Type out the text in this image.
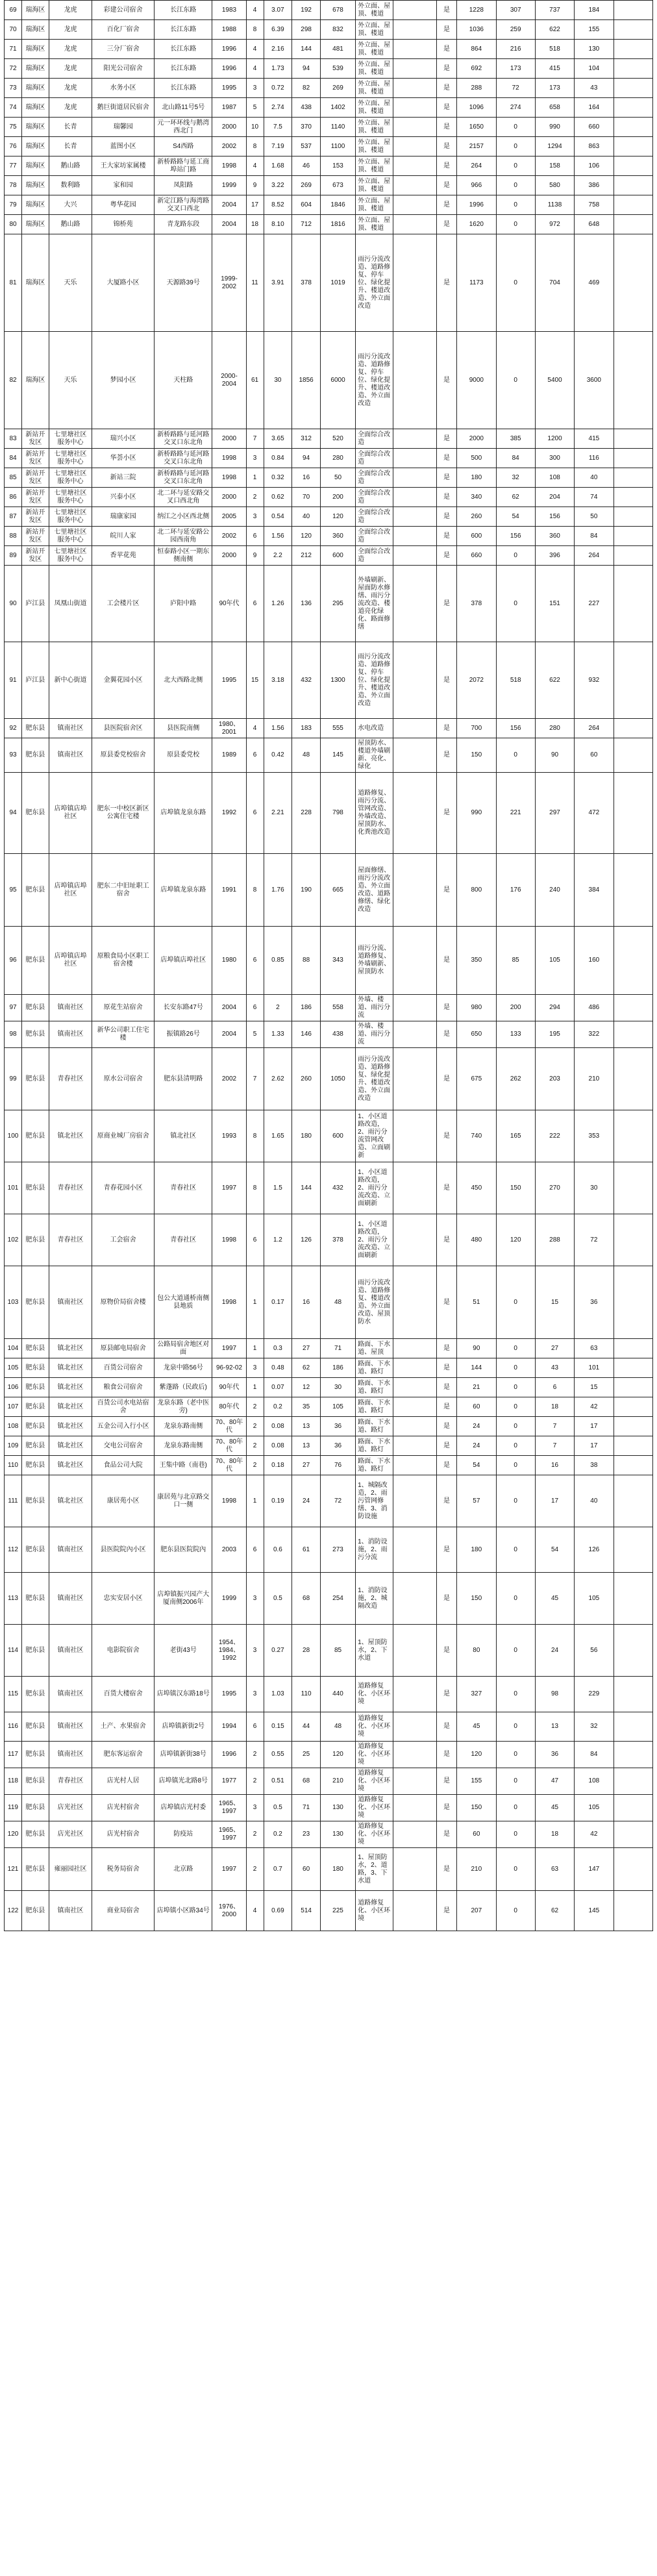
69	瑞海区	龙虎	彩建公司宿舍	长江东路	1983	4	3.07	192	678	外立面、屋顶、楼道		是	1228	307	737	184	
70	瑞海区	龙虎	百化厂宿舍	长江东路	1988	8	6.39	298	832	外立面、屋顶、楼道		是	1036	259	622	155	
71	瑞海区	龙虎	三分厂宿舍	长江东路	1996	4	2.16	144	481	外立面、屋顶、楼道		是	864	216	518	130	
72	瑞海区	龙虎	阳光公司宿舍	长江东路	1996	4	1.73	94	539	外立面、屋顶、楼道		是	692	173	415	104	
73	瑞海区	龙虎	水务小区	长江东路	1995	3	0.72	82	269	外立面、屋顶、楼道		是	288	72	173	43	
74	瑞海区	龙虎	鹅巨街道居民宿舍	北山路11号5号	1987	5	2.74	438	1402	外立面、屋顶、楼道		是	1096	274	658	164	
75	瑞海区	长青	瑞馨园	元一环环线与鹅湾西北门	2000	10	7.5	370	1140	外立面、屋顶、楼道		是	1650	0	990	660	
76	瑞海区	长青	蓝图小区	S4西路	2002	8	7.19	537	1100	外立面、屋顶、楼道		是	2157	0	1294	863	
77	瑞海区	鹅山路	王大家坊家属楼	新桥路路与延工商埠站门路	1998	4	1.68	46	153	外立面、屋顶、楼道		是	264	0	158	106	
78	瑞海区	数利路	家和园	凤阳路	1999	9	3.22	269	673	外立面、屋顶、楼道		是	966	0	580	386	
79	瑞海区	大兴	粤华花园	新定江路与海湾路交叉口西北	2004	17	8.52	604	1846	外立面、屋顶、楼道		是	1996	0	1138	758	
80	瑞海区	鹅山路	锦桥苑	青龙路东段	2004	18	8.10	712	1816	外立面、屋顶、楼道		是	1620	0	972	648	
81	瑞海区	天乐	大厦路小区	天源路39号	1999-2002	11	3.91	378	1019	雨污分流改造、道路修复、停车位、绿化提升、楼道改造、外立面改造		是	1173	0	704	469	
82	瑞海区	天乐	梦园小区	天柱路	2000-2004	61	30	1856	6000	雨污分流改造、道路修复、停车位、绿化提升、楼道改造、外立面改造		是	9000	0	5400	3600	
83	新站开发区	七里塘社区服务中心	瑞兴小区	新桥路路与延河路交叉口东北角	2000	7	3.65	312	520	全面综合改造		是	2000	385	1200	415	
84	新站开发区	七里塘社区服务中心	华荟小区	新桥路路与延河路交叉口东北角	1998	3	0.84	94	280	全面综合改造		是	500	84	300	116	
85	新站开发区	七里塘社区服务中心	新站三院	新桥路路与延河路交叉口东北角	1998	1	0.32	16	50	全面综合改造		是	180	32	108	40	
86	新站开发区	七里塘社区服务中心	兴泰小区	北二环与延安路交叉口西北角	2000	2	0.62	70	200	全面综合改造		是	340	62	204	74	
87	新站开发区	七里塘社区服务中心	瑞康家园	纳江之小区西北侧	2005	3	0.54	40	120	全面综合改造		是	260	54	156	50	
88	新站开发区	七里塘社区服务中心	皖川人家	北二环与延安路公园西南角	2002	6	1.56	120	360	全面综合改造		是	600	156	360	84	
89	新站开发区	七里塘社区服务中心	香苹花苑	恒泰路小区一期东侧南侧	2000	9	2.2	212	600	全面综合改造		是	660	0	396	264	
90	庐江县	凤凰山街道	工会楼片区	庐阳中路	90年代	6	1.26	136	295	外墙刷新、屋面防水修缮、雨污分流改造、楼道亮化绿化、路面修缮		是	378	0	151	227	
91	庐江县	新中心街道	金翼花园小区	北大西路北侧	1995	15	3.18	432	1300	雨污分流改造、道路修复、停车位、绿化提升、楼道改造、外立面改造		是	2072	518	622	932	
92	肥东县	镇南社区	县医院宿舍区	县医院南侧	1980、2001	4	1.56	183	555	水电改造		是	700	156	280	264	
93	肥东县	镇南社区	原县委党校宿舍	原县委党校	1989	6	0.42	48	145	屋顶防水、楼道外墙刷新、亮化、绿化		是	150	0	90	60	
94	肥东县	店埠镇店埠社区	肥东一中校区新区公寓住宅楼	店埠镇龙泉东路	1992	6	2.21	228	798	道路修复、雨污分流、管网改造、外墙改造、屋顶防水、化粪池改造		是	990	221	297	472	
95	肥东县	店埠镇店埠社区	肥东二中旧址职工宿舍	店埠镇龙泉东路	1991	8	1.76	190	665	屋面修缮、雨污分流改造、外立面改造、道路修缮、绿化改造		是	800	176	240	384	
96	肥东县	店埠镇店埠社区	原粮食局小区职工宿舍楼	店埠镇店埠社区	1980	6	0.85	88	343	雨污分流、道路修复、外墙刷新、屋顶防水		是	350	85	105	160	
97	肥东县	镇南社区	原花生站宿舍	长安东路47号	2004	6	2	186	558	外墙、楼道、雨污分流		是	980	200	294	486	
98	肥东县	镇南社区	新华公司职工住宅楼	振镇路26号	2004	5	1.33	146	438	外墙、楼道、雨污分流		是	650	133	195	322	
99	肥东县	青春社区	原水公司宿舍	肥东县清明路	2002	7	2.62	260	1050	雨污分流改造、道路修复、绿化提升、楼道改造、外立面改造		是	675	262	203	210	
100	肥东县	镇北社区	原商业城厂房宿舍	镇北社区	1993	8	1.65	180	600	1、小区道路改造，2、雨污分流管网改造、立面刷新		是	740	165	222	353	
101	肥东县	青春社区	青春花园小区	青春社区	1997	8	1.5	144	432	1、小区道路改造，2、雨污分流改造、立面刷新		是	450	150	270	30	
102	肥东县	青春社区	工会宿舍	青春社区	1998	6	1.2	126	378	1、小区道路改造，2、雨污分流改造、立面刷新		是	480	120	288	72	
103	肥东县	镇南社区	原物价局宿舍楼	包公大道通桥南侧县地质	1998	1	0.17	16	48	雨污分流改造、道路修复、楼道改造、外立面改造、屋顶防水		是	51	0	15	36	
104	肥东县	镇北社区	原县邮电局宿舍	公路局宿舍地区对面	1997	1	0.3	27	71	路面、下水道、屋顶		是	90	0	27	63	
105	肥东县	镇北社区	百货公司宿舍	龙泉中路56号	96-92-02	3	0.48	62	186	路面、下水道、路灯		是	144	0	43	101	
106	肥东县	镇北社区	粮食公司宿舍	紫蓬路（民政后)	90年代	1	0.07	12	30	路面、下水道、路灯		是	21	0	6	15	
107	肥东县	镇北社区	百货公司水电站宿舍	龙泉东路（老中医旁)	80年代	2	0.2	35	105	路面、下水道、路灯		是	60	0	18	42	
108	肥东县	镇北社区	五金公司入行小区	龙泉东路南侧	70、80年代	2	0.08	13	36	路面、下水道、路灯		是	24	0	7	17	
109	肥东县	镇北社区	交电公司宿舍	龙泉东路南侧	70、80年代	2	0.08	13	36	路面、下水道、路灯		是	24	0	7	17	
110	肥东县	镇北社区	食品公司大院	王集中路（南巷)	70、80年代	2	0.18	27	76	路面、下水道、路灯		是	54	0	16	38	
111	肥东县	镇北社区	康居苑小区	康居苑与北京路交口一侧	1998	1	0.19	24	72	1、城隔改造，2、雨污管网修缮、3、消防设施		是	57	0	17	40	
112	肥东县	镇南社区	县医院院內小区	肥东县医院院內	2003	6	0.6	61	273	1、消防设施，2、雨污分流		是	180	0	54	126	
113	肥东县	镇南社区	忠实安居小区	店埠镇振兴园产大厦南侧2006年	1999	3	0.5	68	254	1、消防设施，2、城隔改造		是	150	0	45	105	
114	肥东县	镇南社区	电影院宿舍	老街43号	1954、1984、1992	3	0.27	28	85	1、屋顶防水，2、下水道		是	80	0	24	56	
115	肥东县	镇南社区	百货大楼宿舍	店埠镇汉东路18号	1995	3	1.03	110	440	道路修复化、小区环境		是	327	0	98	229	
116	肥东县	镇南社区	土产、水果宿舍	店埠镇新街2号	1994	6	0.15	44	48	道路修复化、小区环境		是	45	0	13	32	
117	肥东县	镇南社区	肥东客运宿舍	店埠镇新街38号	1996	2	0.55	25	120	道路修复化、小区环境		是	120	0	36	84	
118	肥东县	青春社区	店光村人居	店埠镇光北路8号	1977	2	0.51	68	210	道路修复化、小区环境		是	155	0	47	108	
119	肥东县	店光社区	店光村宿舍	店埠镇店光村委	1965、1997	3	0.5	71	130	道路修复化、小区环境		是	150	0	45	105	
120	肥东县	店光社区	店光村宿舍	防疫站	1965、1997	2	0.2	23	130	道路修复化、小区环境		是	60	0	18	42	
121	肥东县	雍丽园社区	税务局宿舍	北京路	1997	2	0.7	60	180	1、屋顶防水，2、道路，3、下水道		是	210	0	63	147	
122	肥东县	镇南社区	商业局宿舍	店埠镇小区路34号	1976、2000	4	0.69	514	225	道路修复化、小区环境		是	207	0	62	145	
